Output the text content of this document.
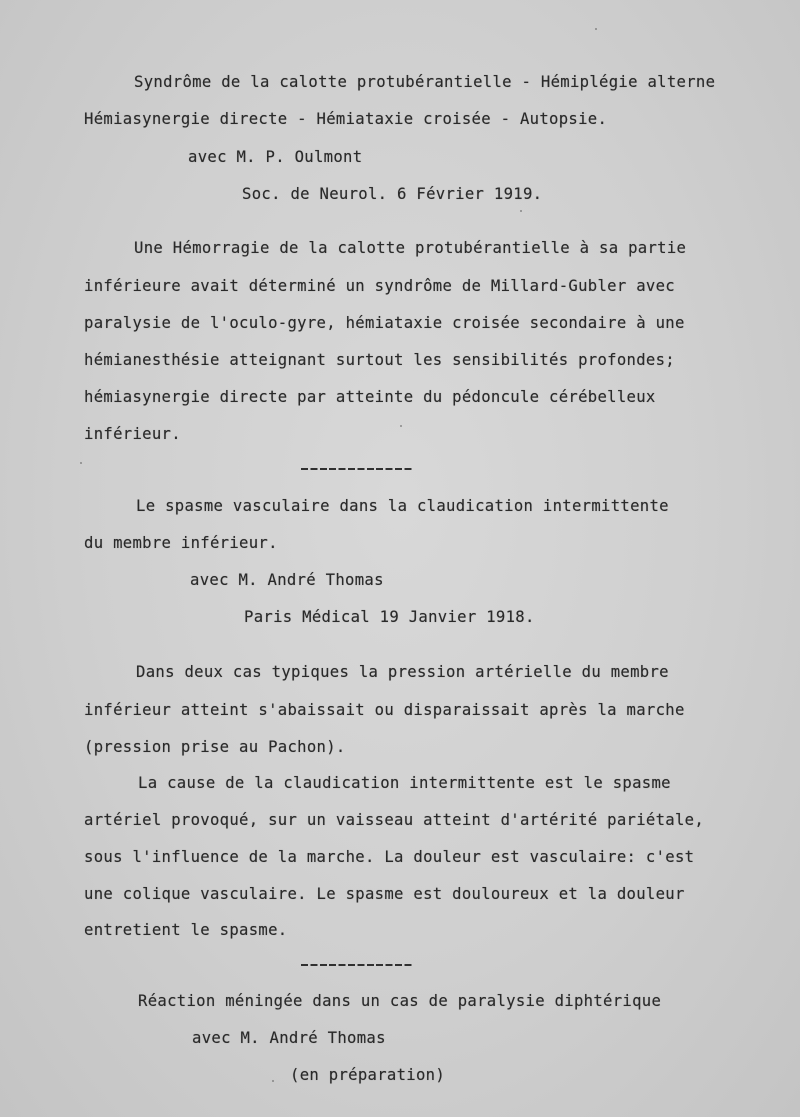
Syndrôme de la calotte protubérantielle - Hémiplégie alterne
Hémiasynergie directe - Hémiataxie croisée - Autopsie.
avec M. P. Oulmont
Soc. de Neurol. 6 Février 1919.
Une Hémorragie de la calotte protubérantielle à sa partie
inférieure avait déterminé un syndrôme de Millard-Gubler avec
paralysie de l'oculo-gyre, hémiataxie croisée secondaire à une
hémianesthésie atteignant surtout les sensibilités profondes;
hémiasynergie directe par atteinte du pédoncule cérébelleux
inférieur.
Le spasme vasculaire dans la claudication intermittente
du membre inférieur.
avec M. André Thomas
Paris Médical 19 Janvier 1918.
Dans deux cas typiques la pression artérielle du membre
inférieur atteint s'abaissait ou disparaissait après la marche
(pression prise au Pachon).
La cause de la claudication intermittente est le spasme
artériel provoqué, sur un vaisseau atteint d'artérité pariétale,
sous l'influence de la marche. La douleur est vasculaire: c'est
une colique vasculaire. Le spasme est douloureux et la douleur
entretient le spasme.
Réaction méningée dans un cas de paralysie diphtérique
avec M. André Thomas
(en préparation)
